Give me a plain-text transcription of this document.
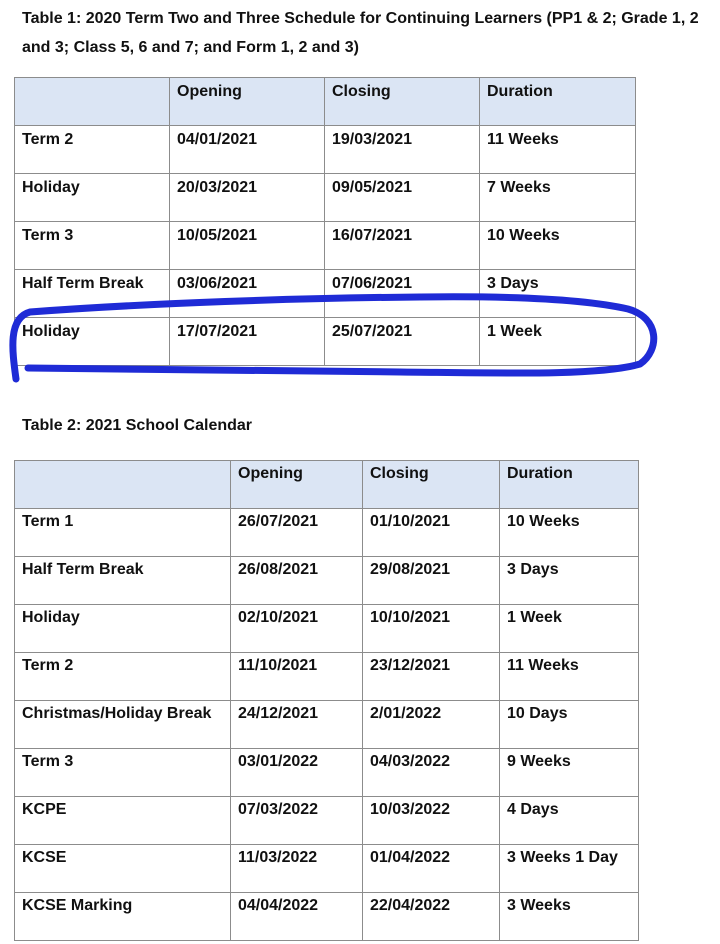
Table 1: 2020 Term Two and Three Schedule for Continuing Learners (PP1 & 2; Grade 1, 2 and 3; Class 5, 6 and 7; and Form 1, 2 and 3)

	Opening	Closing	Duration
Term 2	04/01/2021	19/03/2021	11 Weeks
Holiday	20/03/2021	09/05/2021	7 Weeks
Term 3	10/05/2021	16/07/2021	10 Weeks
Half Term Break	03/06/2021	07/06/2021	3 Days
Holiday	17/07/2021	25/07/2021	1 Week

Table 2: 2021 School Calendar

	Opening	Closing	Duration
Term 1	26/07/2021	01/10/2021	10 Weeks
Half Term Break	26/08/2021	29/08/2021	3 Days
Holiday	02/10/2021	10/10/2021	1 Week
Term 2	11/10/2021	23/12/2021	11 Weeks
Christmas/Holiday Break	24/12/2021	2/01/2022	10 Days
Term 3	03/01/2022	04/03/2022	9 Weeks
KCPE	07/03/2022	10/03/2022	4 Days
KCSE	11/03/2022	01/04/2022	3 Weeks 1 Day
KCSE Marking	04/04/2022	22/04/2022	3 Weeks
